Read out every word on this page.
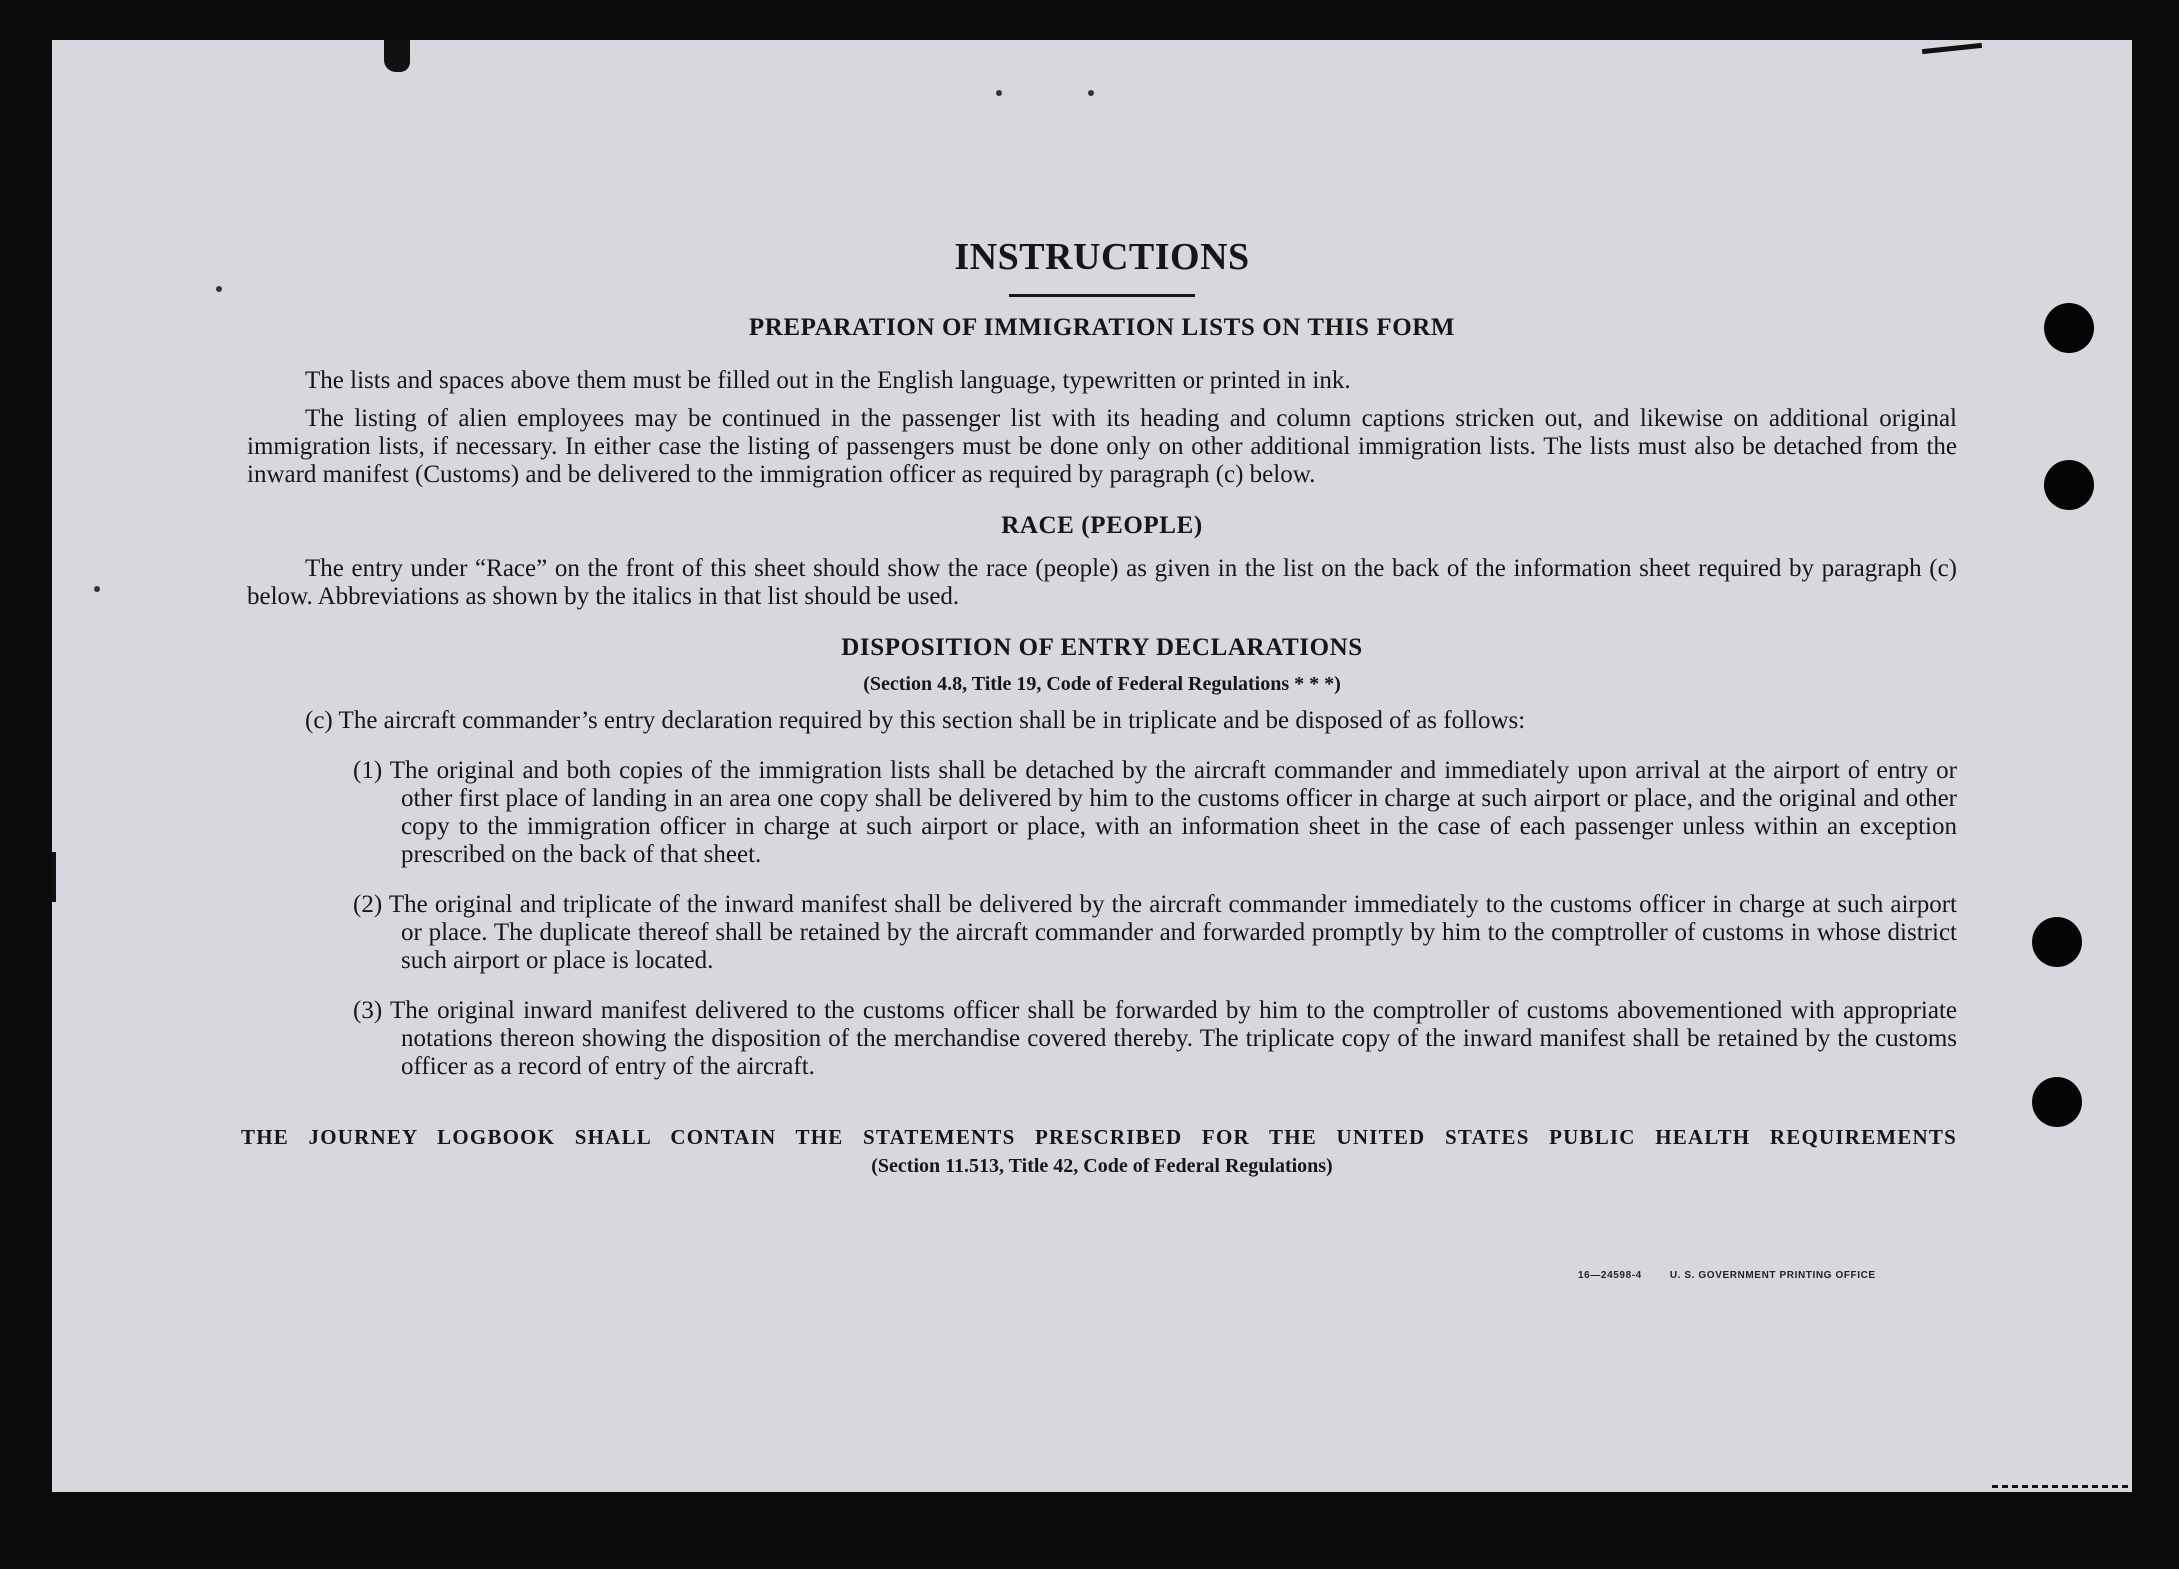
INSTRUCTIONS
PREPARATION OF IMMIGRATION LISTS ON THIS FORM

The lists and spaces above them must be filled out in the English language, typewritten or printed in ink.

The listing of alien employees may be continued in the passenger list with its heading and column captions stricken out, and likewise on additional original immigration lists, if necessary. In either case the listing of passengers must be done only on other additional immigration lists. The lists must also be detached from the inward manifest (Customs) and be delivered to the immigration officer as required by paragraph (c) below.

RACE (PEOPLE)

The entry under “Race” on the front of this sheet should show the race (people) as given in the list on the back of the information sheet required by paragraph (c) below. Abbreviations as shown by the italics in that list should be used.

DISPOSITION OF ENTRY DECLARATIONS
(Section 4.8, Title 19, Code of Federal Regulations * * *)

(c) The aircraft commander’s entry declaration required by this section shall be in triplicate and be disposed of as follows:

(1) The original and both copies of the immigration lists shall be detached by the aircraft commander and immediately upon arrival at the airport of entry or other first place of landing in an area one copy shall be delivered by him to the customs officer in charge at such airport or place, and the original and other copy to the immigration officer in charge at such airport or place, with an information sheet in the case of each passenger unless within an exception prescribed on the back of that sheet.

(2) The original and triplicate of the inward manifest shall be delivered by the aircraft commander immediately to the customs officer in charge at such airport or place. The duplicate thereof shall be retained by the aircraft commander and forwarded promptly by him to the comptroller of customs in whose district such airport or place is located.

(3) The original inward manifest delivered to the customs officer shall be forwarded by him to the comptroller of customs abovementioned with appropriate notations thereon showing the disposition of the merchandise covered thereby. The triplicate copy of the inward manifest shall be retained by the customs officer as a record of entry of the aircraft.

THE JOURNEY LOGBOOK SHALL CONTAIN THE STATEMENTS PRESCRIBED FOR THE UNITED STATES PUBLIC HEALTH REQUIREMENTS

(Section 11.513, Title 42, Code of Federal Regulations)
16—24598-4	U. S. GOVERNMENT PRINTING OFFICE
